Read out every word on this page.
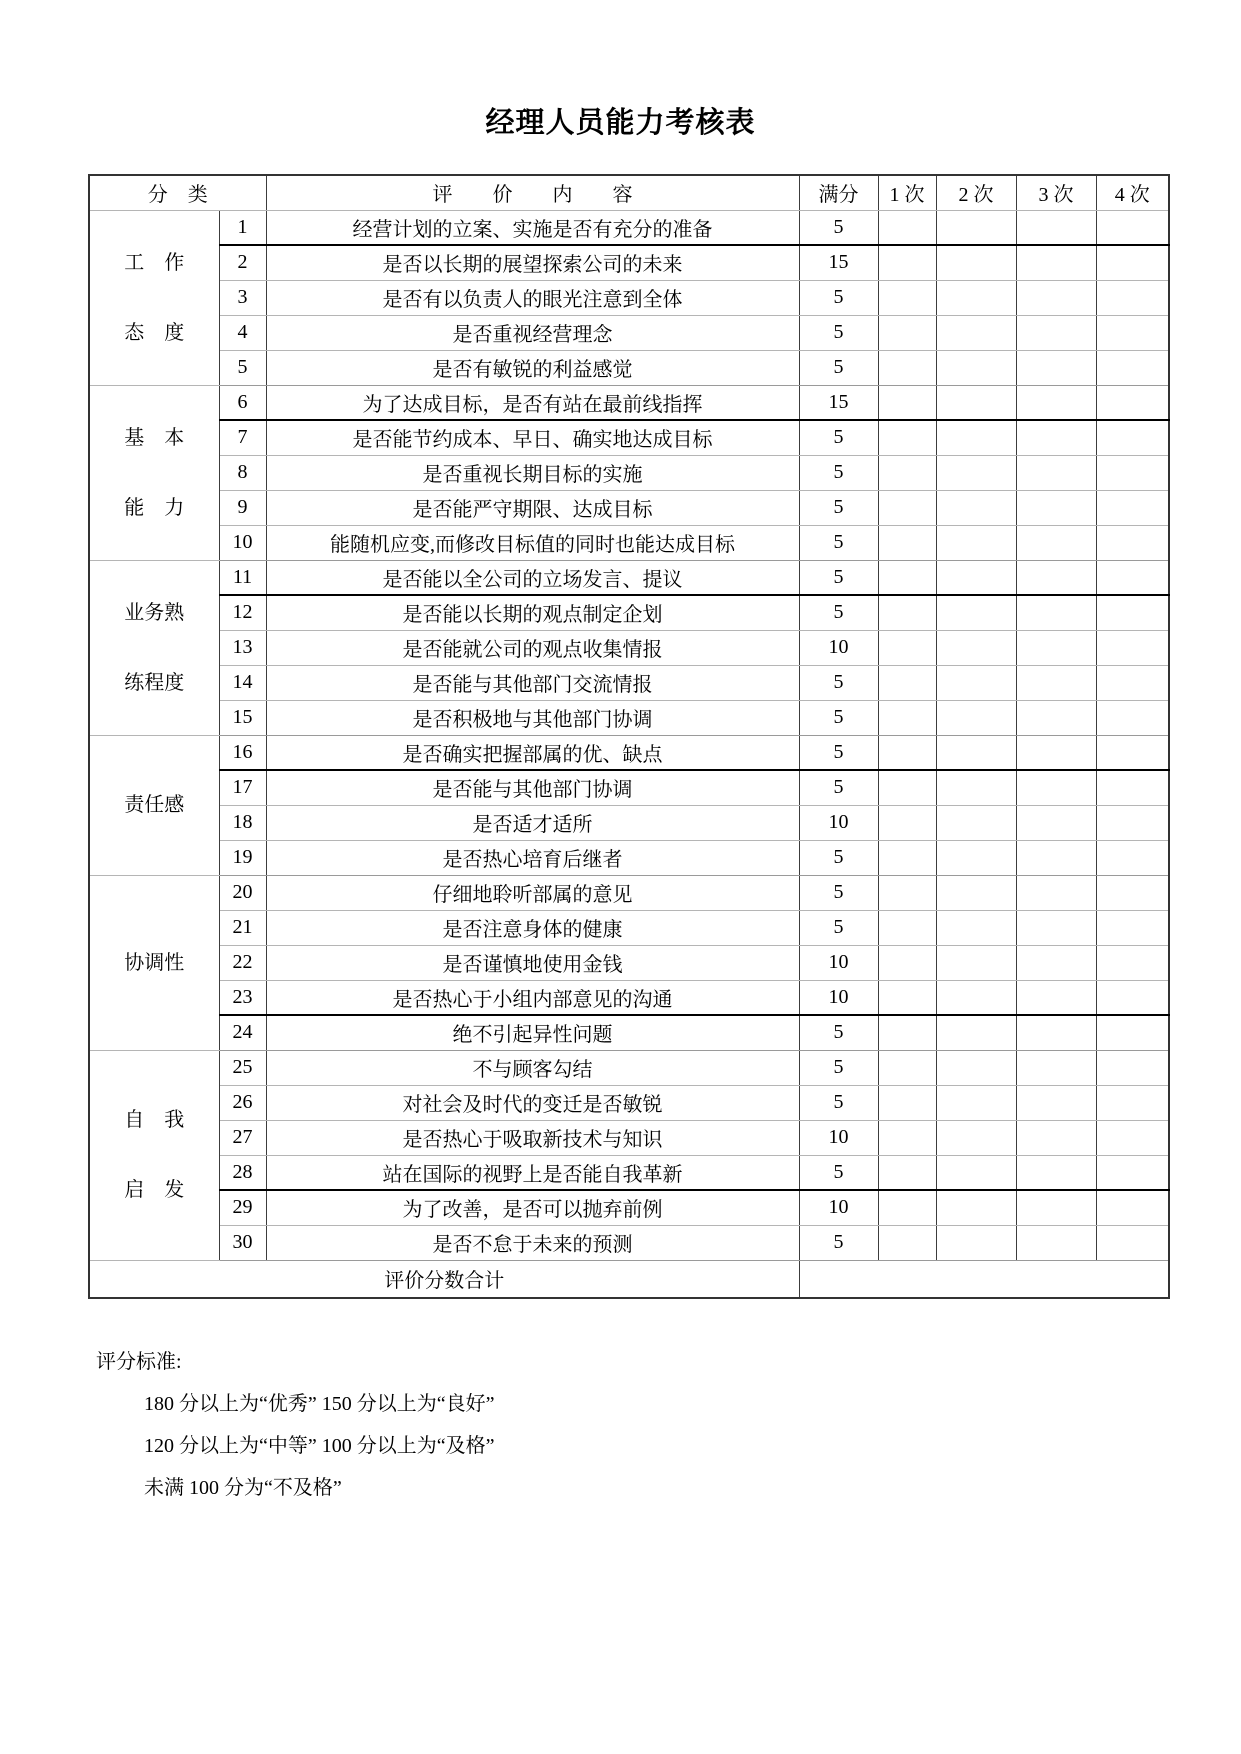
经理人员能力考核表
分　类		评　　价　　内　　容	满分	1 次	2 次	3 次	4 次

工　作
态　度	1	经营计划的立案、实施是否有充分的准备	5				
	2	是否以长期的展望探索公司的未来	15				
	3	是否有以负责人的眼光注意到全体	5				
	4	是否重视经营理念	5				
	5	是否有敏锐的利益感觉	5				

基　本
能　力	6	为了达成目标，是否有站在最前线指挥	15				
	7	是否能节约成本、早日、确实地达成目标	5				
	8	是否重视长期目标的实施	5				
	9	是否能严守期限、达成目标	5				
	10	能随机应变,而修改目标值的同时也能达成目标	5				

业务熟
练程度	11	是否能以全公司的立场发言、提议	5				
	12	是否能以长期的观点制定企划	5				
	13	是否能就公司的观点收集情报	10				
	14	是否能与其他部门交流情报	5				
	15	是否积极地与其他部门协调	5				

责任感	16	是否确实把握部属的优、缺点	5				
	17	是否能与其他部门协调	5				
	18	是否适才适所	10				
	19	是否热心培育后继者	5				

协调性	20	仔细地聆听部属的意见	5				
	21	是否注意身体的健康	5				
	22	是否谨慎地使用金钱	10				
	23	是否热心于小组内部意见的沟通	10				
	24	绝不引起异性问题	5				

自　我
启　发	25	不与顾客勾结	5				
	26	对社会及时代的变迁是否敏锐	5				
	27	是否热心于吸取新技术与知识	10				
	28	站在国际的视野上是否能自我革新	5				
	29	为了改善，是否可以抛弃前例	10				
	30	是否不怠于未来的预测	5				
评价分数合计							
评分标准:
180 分以上为“优秀” 150 分以上为“良好”
120 分以上为“中等” 100 分以上为“及格”
未满 100 分为“不及格”
